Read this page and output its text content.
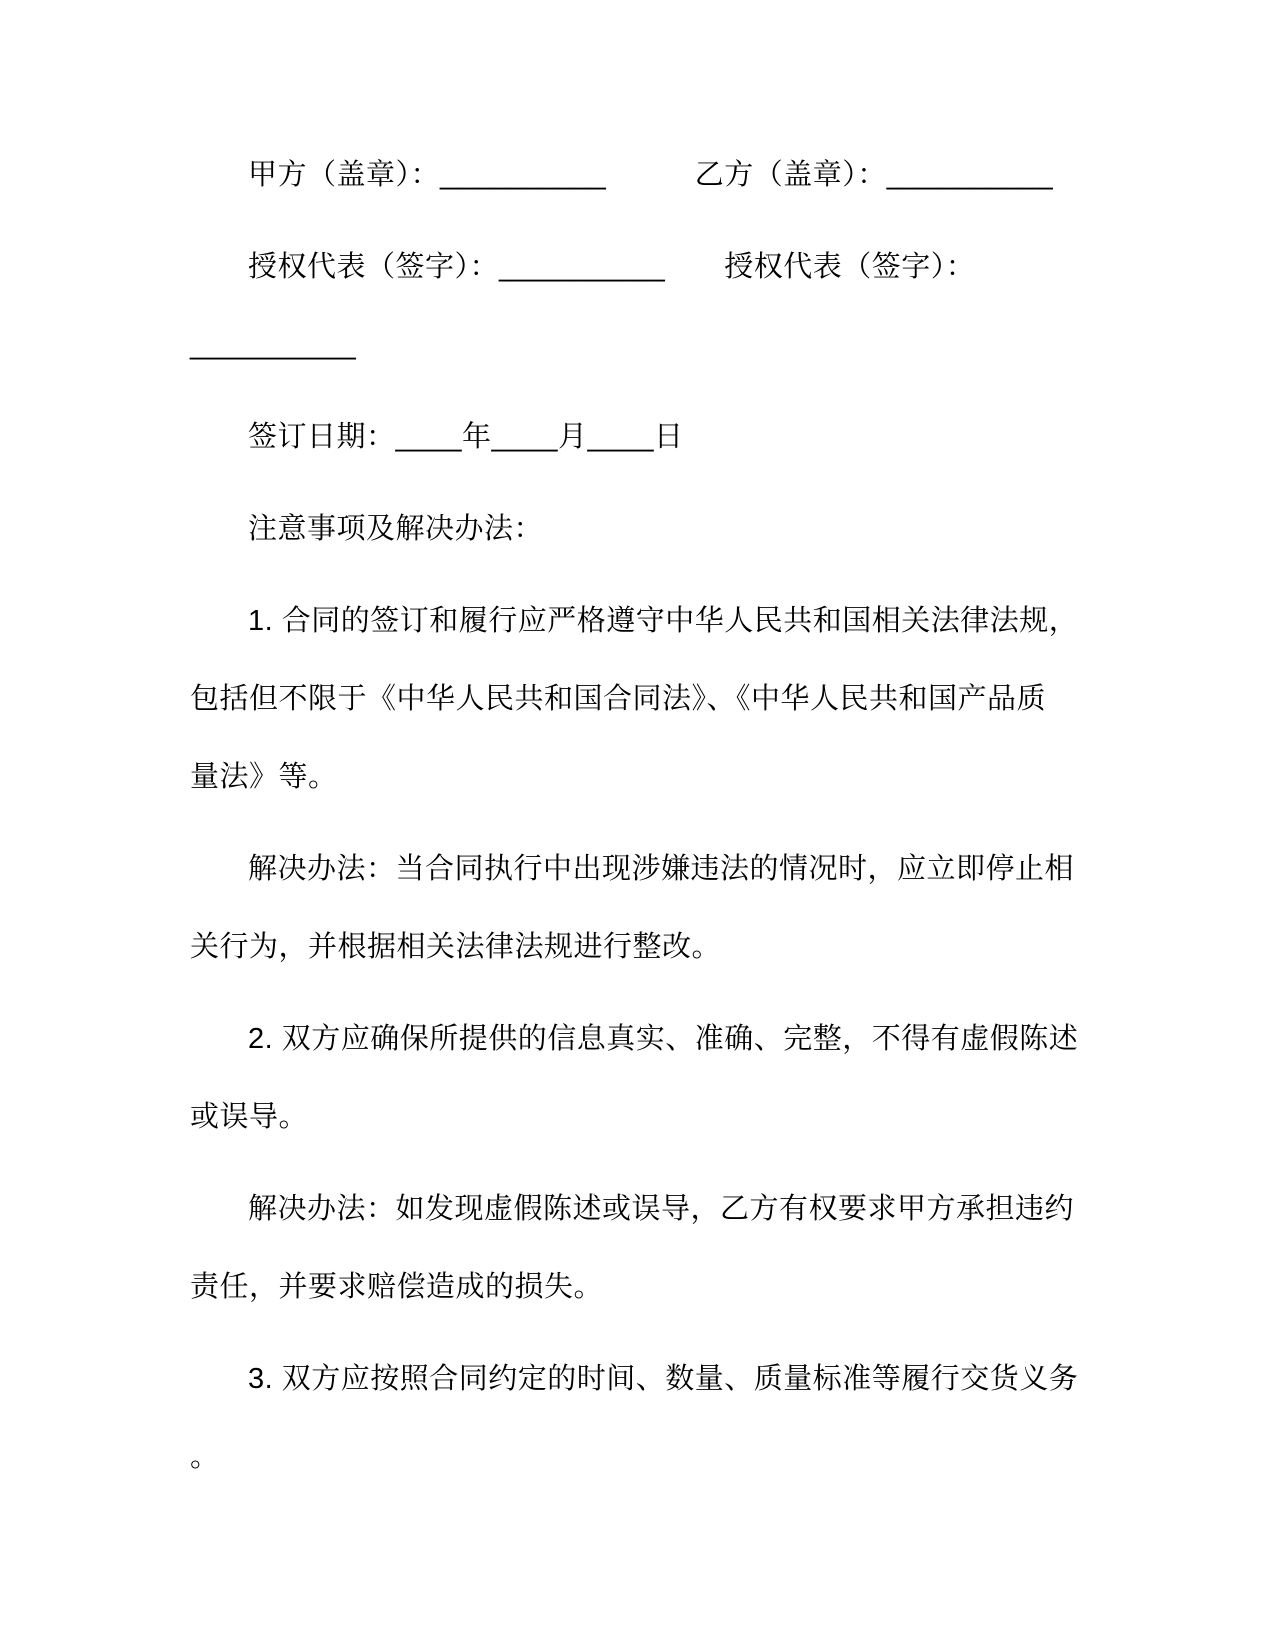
甲方（盖章）：__________　　　乙方（盖章）：__________
授权代表（签字）：__________　　授权代表（签字）：
__________
签订日期：____年____月____日
注意事项及解决办法：
1. 合同的签订和履行应严格遵守中华人民共和国相关法律法规，
包括但不限于《中华人民共和国合同法》、《中华人民共和国产品质
量法》等。
解决办法：当合同执行中出现涉嫌违法的情况时，应立即停止相
关行为，并根据相关法律法规进行整改。
2. 双方应确保所提供的信息真实、准确、完整，不得有虚假陈述
或误导。
解决办法：如发现虚假陈述或误导，乙方有权要求甲方承担违约
责任，并要求赔偿造成的损失。
3. 双方应按照合同约定的时间、数量、质量标准等履行交货义务
。
